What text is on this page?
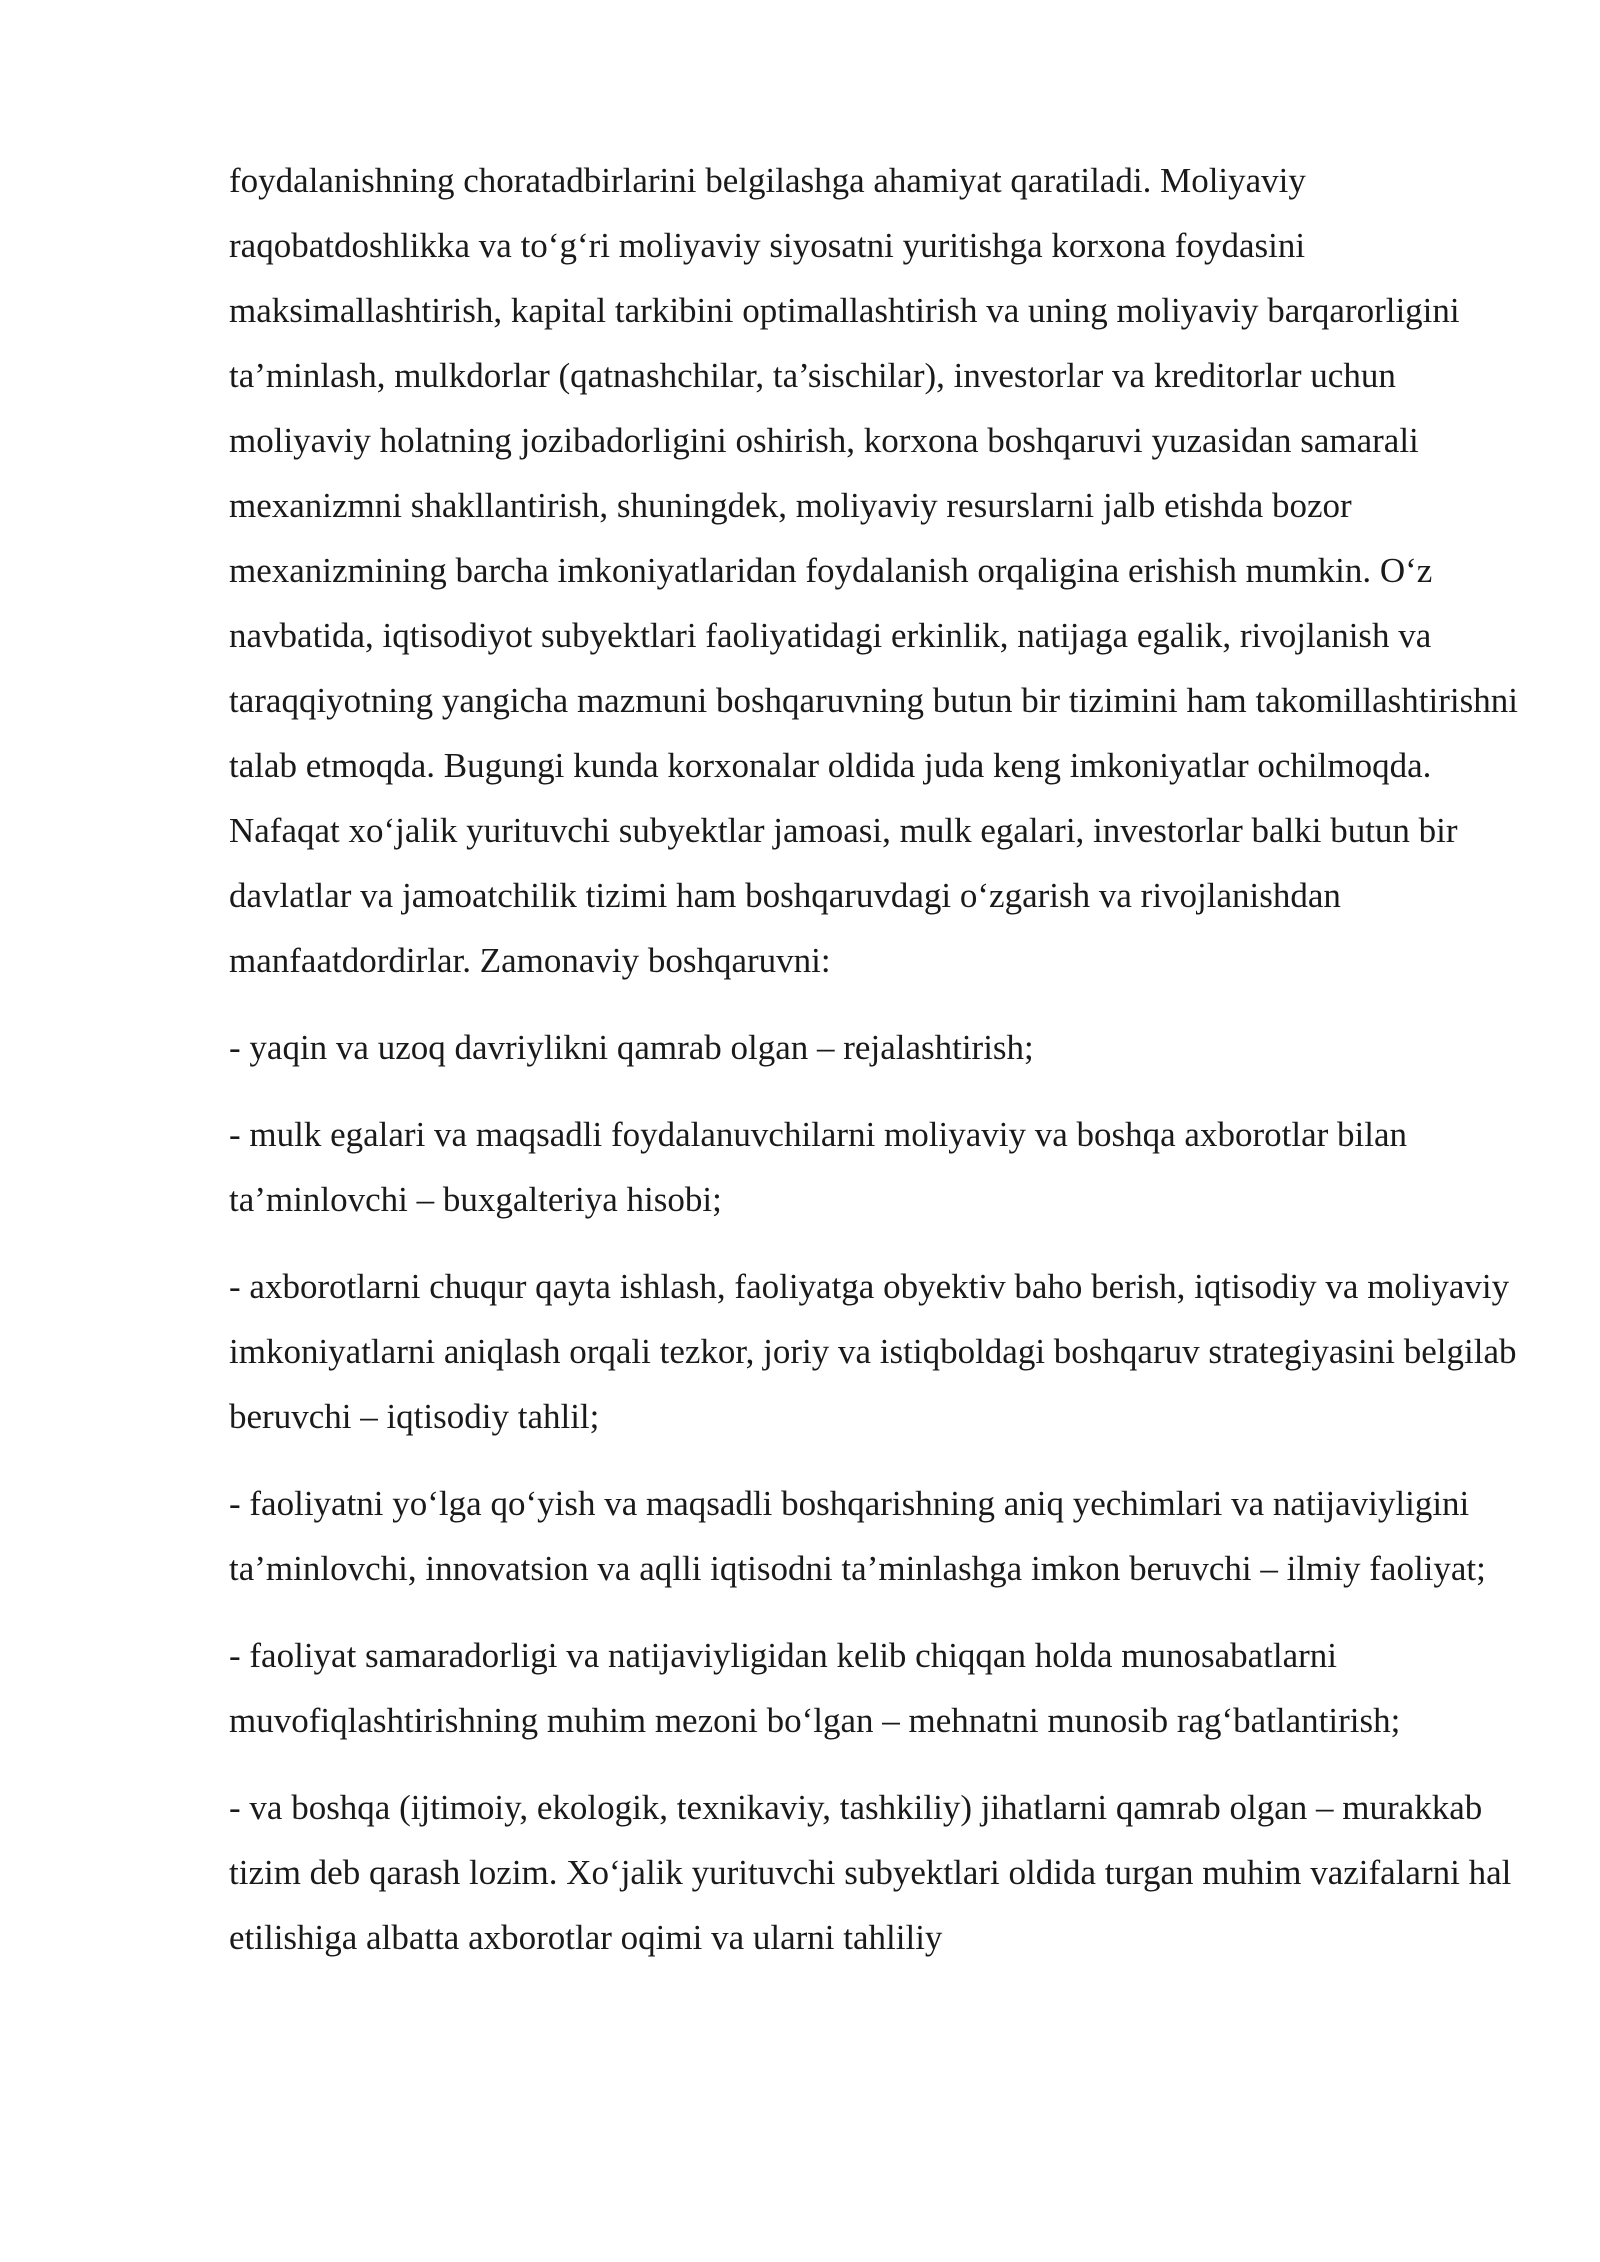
foydalanishning choratadbirlarini belgilashga ahamiyat qaratiladi. Moliyaviy raqobatdoshlikka va to‘g‘ri moliyaviy siyosatni yuritishga korxona foydasini maksimallashtirish, kapital tarkibini optimallashtirish va uning moliyaviy barqarorligini ta’minlash, mulkdorlar (qatnashchilar, ta’sischilar), investorlar va kreditorlar uchun moliyaviy holatning jozibadorligini oshirish, korxona boshqaruvi yuzasidan samarali mexanizmni shakllantirish, shuningdek, moliyaviy resurslarni jalb etishda bozor mexanizmining barcha imkoniyatlaridan foydalanish orqaligina erishish mumkin. O‘z navbatida, iqtisodiyot subyektlari faoliyatidagi erkinlik, natijaga egalik, rivojlanish va taraqqiyotning yangicha mazmuni boshqaruvning butun bir tizimini ham takomillashtirishni talab etmoqda. Bugungi kunda korxonalar oldida juda keng imkoniyatlar ochilmoqda. Nafaqat xo‘jalik yurituvchi subyektlar jamoasi, mulk egalari, investorlar balki butun bir davlatlar va jamoatchilik tizimi ham boshqaruvdagi o‘zgarish va rivojlanishdan manfaatdordirlar. Zamonaviy boshqaruvni:

- yaqin va uzoq davriylikni qamrab olgan – rejalashtirish;

- mulk egalari va maqsadli foydalanuvchilarni moliyaviy va boshqa axborotlar bilan ta’minlovchi – buxgalteriya hisobi;

- axborotlarni chuqur qayta ishlash, faoliyatga obyektiv baho berish, iqtisodiy va moliyaviy imkoniyatlarni aniqlash orqali tezkor, joriy va istiqboldagi boshqaruv strategiyasini belgilab beruvchi – iqtisodiy tahlil;

- faoliyatni yo‘lga qo‘yish va maqsadli boshqarishning aniq yechimlari va natijaviyligini ta’minlovchi, innovatsion va aqlli iqtisodni ta’minlashga imkon beruvchi – ilmiy faoliyat;

- faoliyat samaradorligi va natijaviyligidan kelib chiqqan holda munosabatlarni muvofiqlashtirishning muhim mezoni bo‘lgan – mehnatni munosib rag‘batlantirish;

- va boshqa (ijtimoiy, ekologik, texnikaviy, tashkiliy) jihatlarni qamrab olgan – murakkab tizim deb qarash lozim. Xo‘jalik yurituvchi subyektlari oldida turgan muhim vazifalarni hal etilishiga albatta axborotlar oqimi va ularni tahliliy
